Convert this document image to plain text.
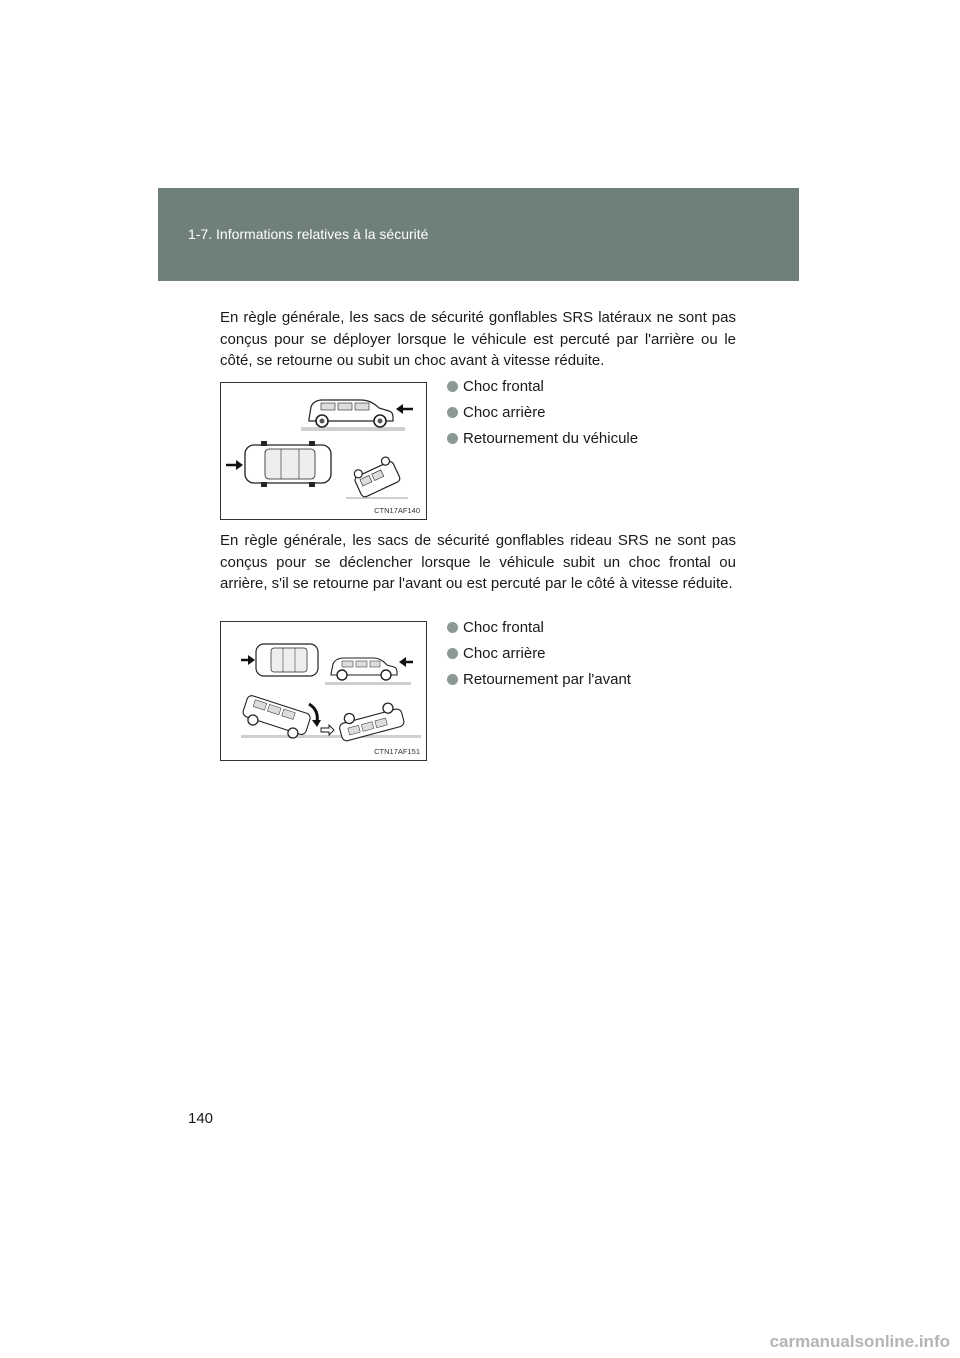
1-7. Informations relatives à la sécurité

En règle générale, les sacs de sécurité gonflables SRS latéraux ne sont pas conçus pour se déployer lorsque le véhicule est percuté par l'arrière ou le côté, se retourne ou subit un choc avant à vitesse réduite.

CTN17AF140
Choc frontal
Choc arrière
Retournement du véhicule

En règle générale, les sacs de sécurité gonflables rideau SRS ne sont pas conçus pour se déclencher lorsque le véhicule subit un choc frontal ou arrière, s'il se retourne par l'avant ou est percuté par le côté à vitesse réduite.

CTN17AF151
Choc frontal
Choc arrière
Retournement par l'avant
140
carmanualsonline.info
